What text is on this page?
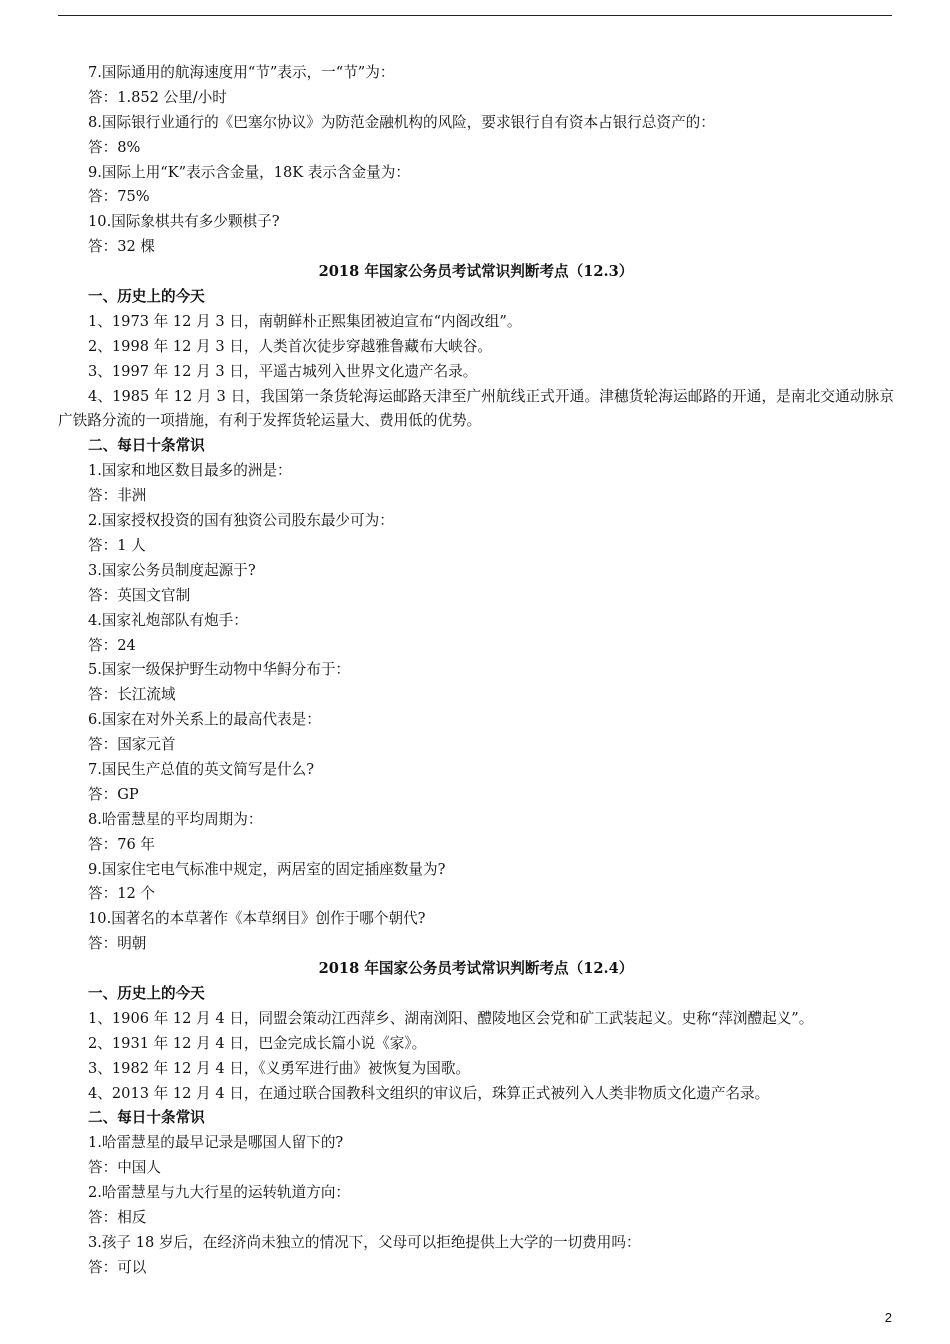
7.国际通用的航海速度用“节”表示，一“节”为：
答：1.852 公里/小时
8.国际银行业通行的《巴塞尔协议》为防范金融机构的风险，要求银行自有资本占银行总资产的：
答：8%
9.国际上用“K”表示含金量，18K 表示含金量为：
答：75%
10.国际象棋共有多少颗棋子?
答：32 棵
2018 年国家公务员考试常识判断考点（12.3）
一、历史上的今天
1、1973 年 12 月 3 日，南朝鲜朴正熙集团被迫宣布“内阁改组”。
2、1998 年 12 月 3 日，人类首次徒步穿越雅鲁藏布大峡谷。
3、1997 年 12 月 3 日，平遥古城列入世界文化遗产名录。
4、1985 年 12 月 3 日，我国第一条货轮海运邮路天津至广州航线正式开通。津穗货轮海运邮路的开通，是南北交通动脉京广铁路分流的一项措施，有利于发挥货轮运量大、费用低的优势。
二、每日十条常识
1.国家和地区数目最多的洲是：
答：非洲
2.国家授权投资的国有独资公司股东最少可为：
答：1 人
3.国家公务员制度起源于?
答：英国文官制
4.国家礼炮部队有炮手：
答：24
5.国家一级保护野生动物中华鲟分布于：
答：长江流域
6.国家在对外关系上的最高代表是：
答：国家元首
7.国民生产总值的英文简写是什么?
答：GP
8.哈雷慧星的平均周期为：
答：76 年
9.国家住宅电气标准中规定，两居室的固定插座数量为?
答：12 个
10.国著名的本草著作《本草纲目》创作于哪个朝代?
答：明朝
2018 年国家公务员考试常识判断考点（12.4）
一、历史上的今天
1、1906 年 12 月 4 日，同盟会策动江西萍乡、湖南浏阳、醴陵地区会党和矿工武装起义。史称“萍浏醴起义”。
2、1931 年 12 月 4 日，巴金完成长篇小说《家》。
3、1982 年 12 月 4 日，《义勇军进行曲》被恢复为国歌。
4、2013 年 12 月 4 日，在通过联合国教科文组织的审议后，珠算正式被列入人类非物质文化遗产名录。
二、每日十条常识
1.哈雷慧星的最早记录是哪国人留下的?
答：中国人
2.哈雷慧星与九大行星的运转轨道方向：
答：相反
3.孩子 18 岁后，在经济尚未独立的情况下，父母可以拒绝提供上大学的一切费用吗：
答：可以
2
